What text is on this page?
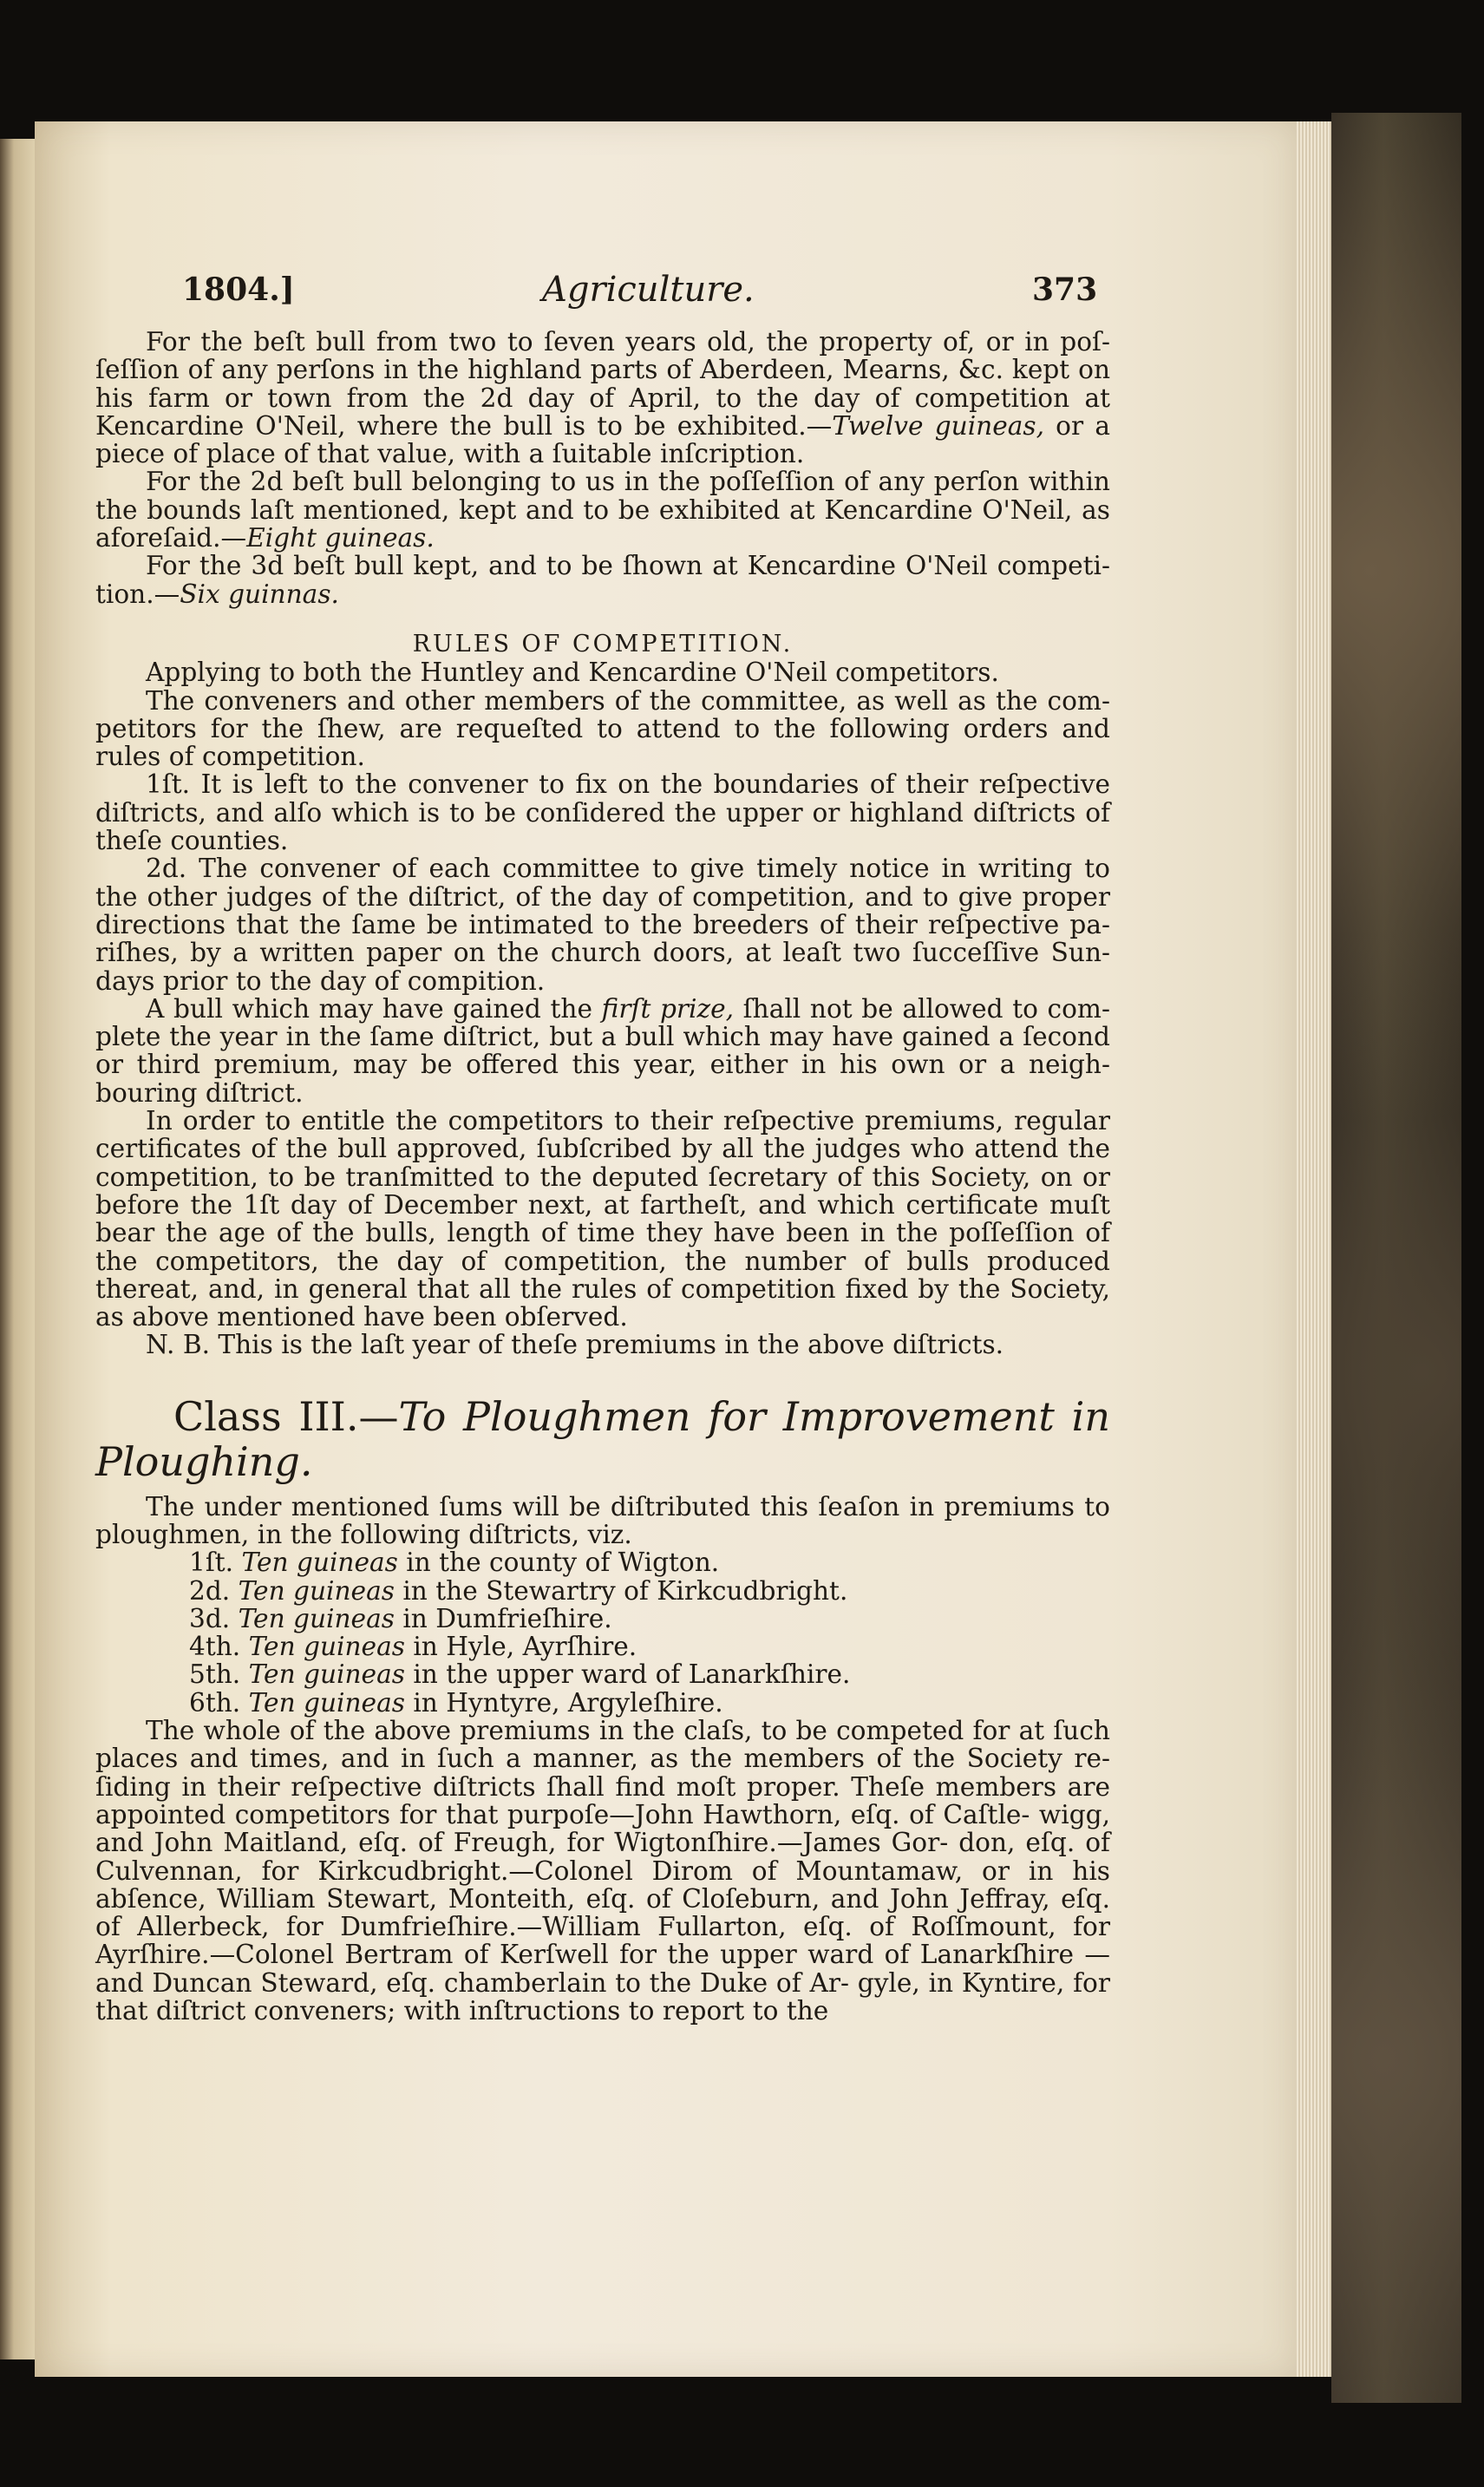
1804.]	Agriculture.	373

For the beſt bull from two to ſeven years old, the property of, or in poſ- ſeſſion of any perſons in the highland parts of Aberdeen, Mearns, &c. kept on his farm or town from the 2d day of April, to the day of competition at Kencardine O'Neil, where the bull is to be exhibited.—Twelve guineas, or a piece of place of that value, with a ſuitable inſcription.

For the 2d beſt bull belonging to us in the poſſeſſion of any perſon within the bounds laſt mentioned, kept and to be exhibited at Kencardine O'Neil, as aforeſaid.—Eight guineas.

For the 3d beſt bull kept, and to be ſhown at Kencardine O'Neil competi- tion.—Six guinnas.

RULES OF COMPETITION.

Applying to both the Huntley and Kencardine O'Neil competitors.

The conveners and other members of the committee, as well as the com- petitors for the ſhew, are requeſted to attend to the following orders and rules of competition.

1ſt. It is left to the convener to fix on the boundaries of their reſpective diſtricts, and alſo which is to be conſidered the upper or highland diſtricts of theſe counties.

2d. The convener of each committee to give timely notice in writing to the other judges of the diſtrict, of the day of competition, and to give proper directions that the ſame be intimated to the breeders of their reſpective pa- riſhes, by a written paper on the church doors, at leaſt two ſucceſſive Sun- days prior to the day of compition.

A bull which may have gained the firſt prize, ſhall not be allowed to com- plete the year in the ſame diſtrict, but a bull which may have gained a ſecond or third premium, may be offered this year, either in his own or a neigh- bouring diſtrict.

In order to entitle the competitors to their reſpective premiums, regular certificates of the bull approved, ſubſcribed by all the judges who attend the competition, to be tranſmitted to the deputed ſecretary of this Society, on or before the 1ſt day of December next, at fartheſt, and which certificate muſt bear the age of the bulls, length of time they have been in the poſſeſſion of the competitors, the day of competition, the number of bulls produced thereat, and, in general that all the rules of competition fixed by the Society, as above mentioned have been obſerved.

N. B. This is the laſt year of theſe premiums in the above diſtricts.

Class III.—To Ploughmen for Improvement in Ploughing.

The under mentioned ſums will be diſtributed this ſeaſon in premiums to ploughmen, in the following diſtricts, viz.

1ſt. Ten guineas in the county of Wigton.
2d. Ten guineas in the Stewartry of Kirkcudbright.
3d. Ten guineas in Dumfrieſhire.
4th. Ten guineas in Hyle, Ayrſhire.
5th. Ten guineas in the upper ward of Lanarkſhire.
6th. Ten guineas in Hyntyre, Argyleſhire.

The whole of the above premiums in the claſs, to be competed for at ſuch places and times, and in ſuch a manner, as the members of the Society re- ſiding in their reſpective diſtricts ſhall find moſt proper. Theſe members are appointed competitors for that purpoſe—John Hawthorn, eſq. of Caſtle- wigg, and John Maitland, eſq. of Freugh, for Wigtonſhire.—James Gor- don, eſq. of Culvennan, for Kirkcudbright.—Colonel Dirom of Mountamaw, or in his abſence, William Stewart, Monteith, eſq. of Cloſeburn, and John Jeffray, eſq. of Allerbeck, for Dumfrieſhire.—William Fullarton, eſq. of Roſſmount, for Ayrſhire.—Colonel Bertram of Kerſwell for the upper ward of Lanarkſhire —and Duncan Steward, eſq. chamberlain to the Duke of Ar- gyle, in Kyntire, for that diſtrict conveners; with inſtructions to report to the
